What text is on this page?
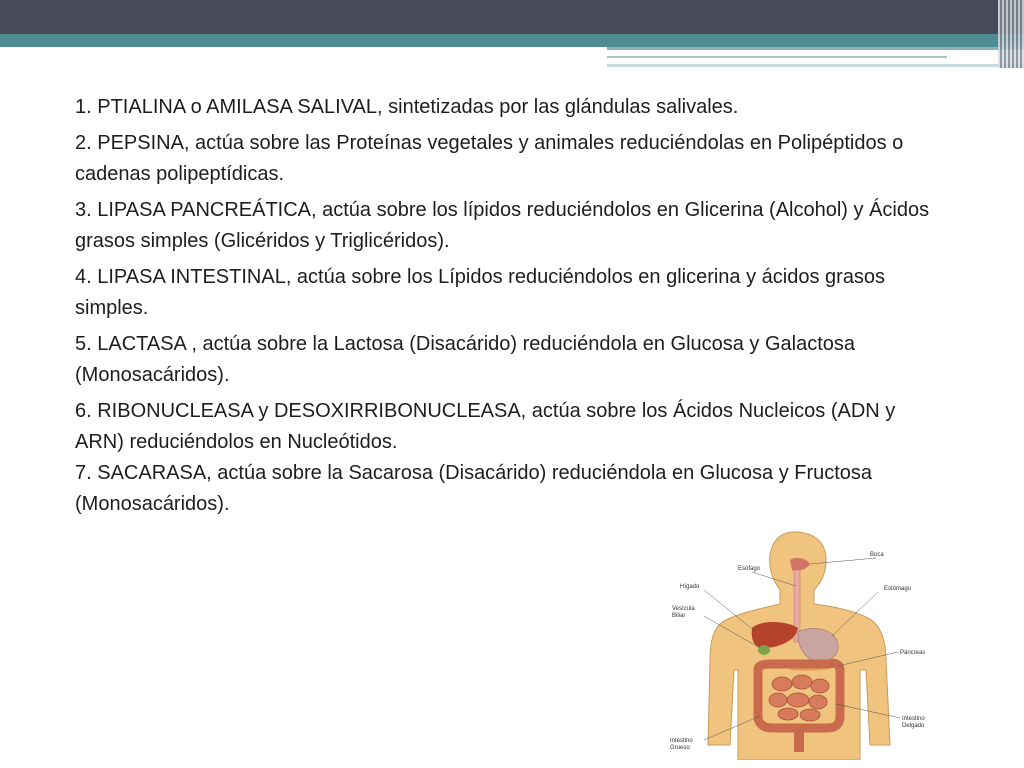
1. PTIALINA o AMILASA SALIVAL, sintetizadas por las glándulas salivales.

2. PEPSINA, actúa sobre las Proteínas vegetales y animales reduciéndolas en Polipéptidos o cadenas polipeptídicas.

3. LIPASA PANCREÁTICA, actúa sobre los lípidos reduciéndolos en Glicerina (Alcohol) y Ácidos grasos simples (Glicéridos y Triglicéridos).

4. LIPASA INTESTINAL, actúa sobre los Lípidos reduciéndolos en glicerina y ácidos grasos simples.

5. LACTASA , actúa sobre la Lactosa (Disacárido) reduciéndola en Glucosa y Galactosa (Monosacáridos).

6. RIBONUCLEASA y DESOXIRRIBONUCLEASA, actúa sobre los Ácidos Nucleicos (ADN y ARN) reduciéndolos en Nucleótidos.

7. SACARASA, actúa sobre la Sacarosa (Disacárido) reduciéndola en Glucosa y Fructosa (Monosacáridos).

Esófago
Boca
Hígado	Estómago
Vesícula
Biliar
Páncreas
Intestino
Delgado
Intestino
Grueso
